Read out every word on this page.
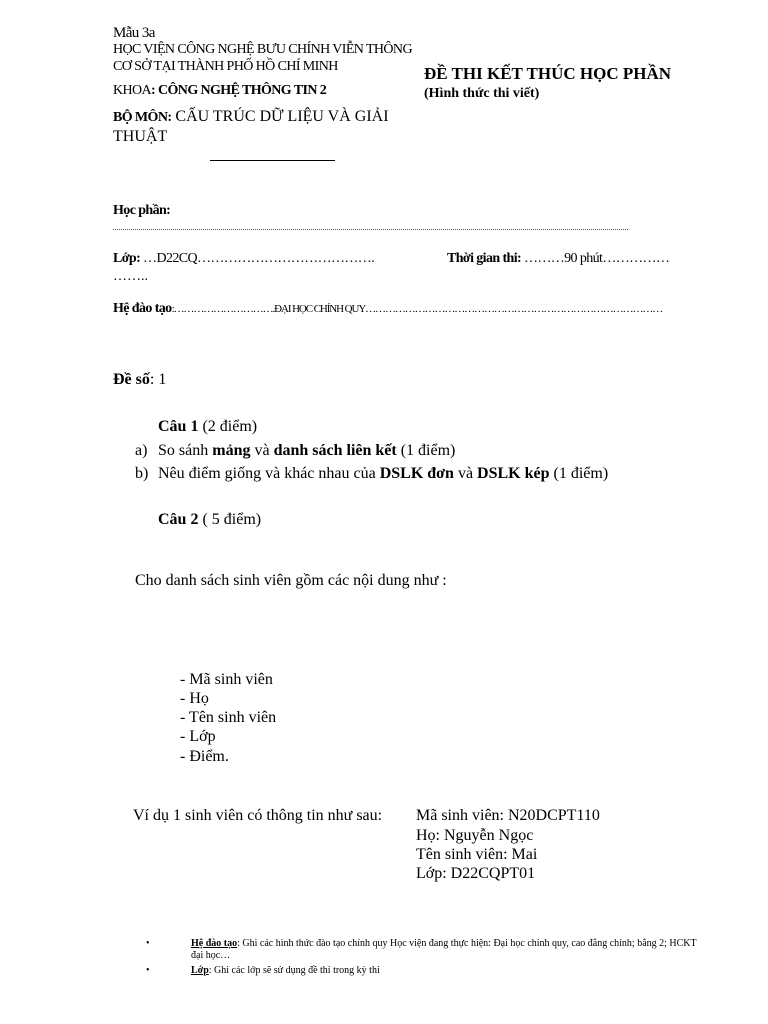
Mẫu 3a
HỌC VIỆN CÔNG NGHỆ BƯU CHÍNH VIỄN THÔNG
CƠ SỞ TẠI THÀNH PHỐ HỒ CHÍ MINH
KHOA: CÔNG NGHỆ THÔNG TIN 2
BỘ MÔN: CẤU TRÚC DỮ LIỆU VÀ GIẢI
THUẬT
ĐỀ THI KẾT THÚC HỌC PHẦN
(Hình thức thi viết)
Học phần:
Lớp: …D22CQ………………………………….
……..
Thời gian thi: ………90 phút……………
Hệ đào tạo:………………………….ĐẠI HỌC CHÍNH QUY………………………………………………………………………………
Đề số: 1
Câu 1 (2 điểm)
a) So sánh mảng và danh sách liên kết (1 điểm)
b) Nêu điểm giống và khác nhau của DSLK đơn và DSLK kép (1 điểm)
Câu 2 ( 5 điểm)
Cho danh sách sinh viên gồm các nội dung như :
- Mã sinh viên
- Họ
- Tên sinh viên
- Lớp
- Điểm.
Ví dụ 1 sinh viên có thông tin như sau: Mã sinh viên: N20DCPT110
Họ: Nguyễn Ngọc
Tên sinh viên: Mai
Lớp: D22CQPT01
•	Hệ đào tạo: Ghi các hình thức đào tạo chính quy Học viện đang thực hiện: Đại học chính quy, cao đẳng chính; bằng 2; HCKT
đại học…
•	Lớp: Ghi các lớp sẽ sử dụng đề thi trong kỳ thi
